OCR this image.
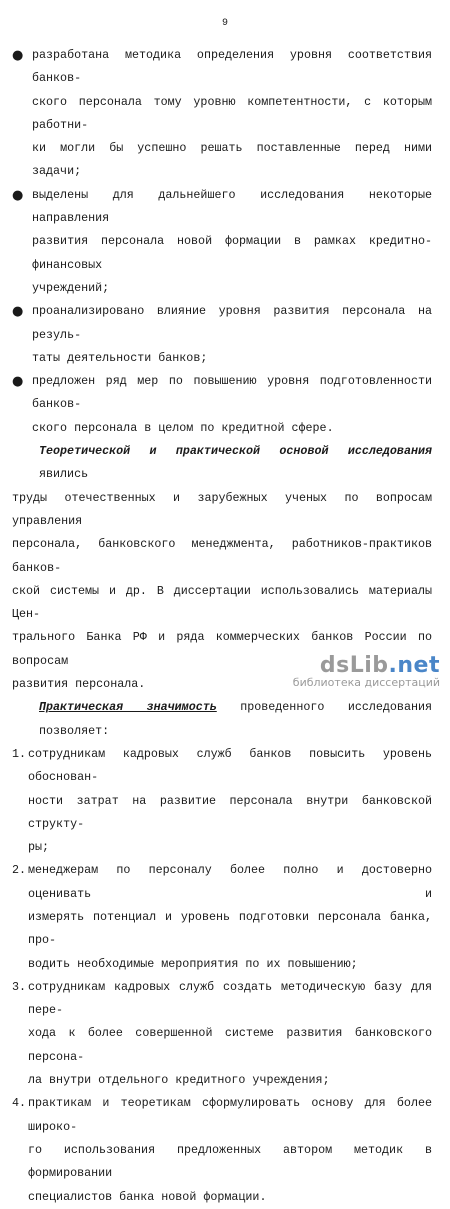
9
● разработана методика определения уровня соответствия банков-
ского персонала тому уровню компетентности, с которым работни-
ки могли бы успешно решать поставленные перед ними задачи;
● выделены для дальнейшего исследования некоторые направления
развития персонала новой формации в рамках кредитно-финансовых
учреждений;
● проанализировано влияние уровня развития персонала на резуль-
таты деятельности банков;
● предложен ряд мер по повышению уровня подготовленности банков-
ского персонала в целом по кредитной сфере.
Теоретической и практической основой исследования явились
труды отечественных и зарубежных ученых по вопросам управления
персонала, банковского менеджмента, работников-практиков банков-
ской системы и др. В диссертации использовались материалы Цен-
трального Банка РФ и ряда коммерческих банков России по вопросам
развития персонала.
Практическая значимость проведенного исследования позволяет:
1. сотрудникам кадровых служб банков повысить уровень обоснован-
ности затрат на развитие персонала внутри банковской структу-
ры;
2. менеджерам по персоналу более полно и достоверно оценивать и
измерять потенциал и уровень подготовки персонала банка, про-
водить необходимые мероприятия по их повышению;
3. сотрудникам кадровых служб создать методическую базу для пере-
хода к более совершенной системе развития банковского персона-
ла внутри отдельного кредитного учреждения;
4. практикам и теоретикам сформулировать основу для более широко-
го использования предложенных автором методик в формировании
специалистов банка новой формации.
dsLib.net
библиотека диссертаций
